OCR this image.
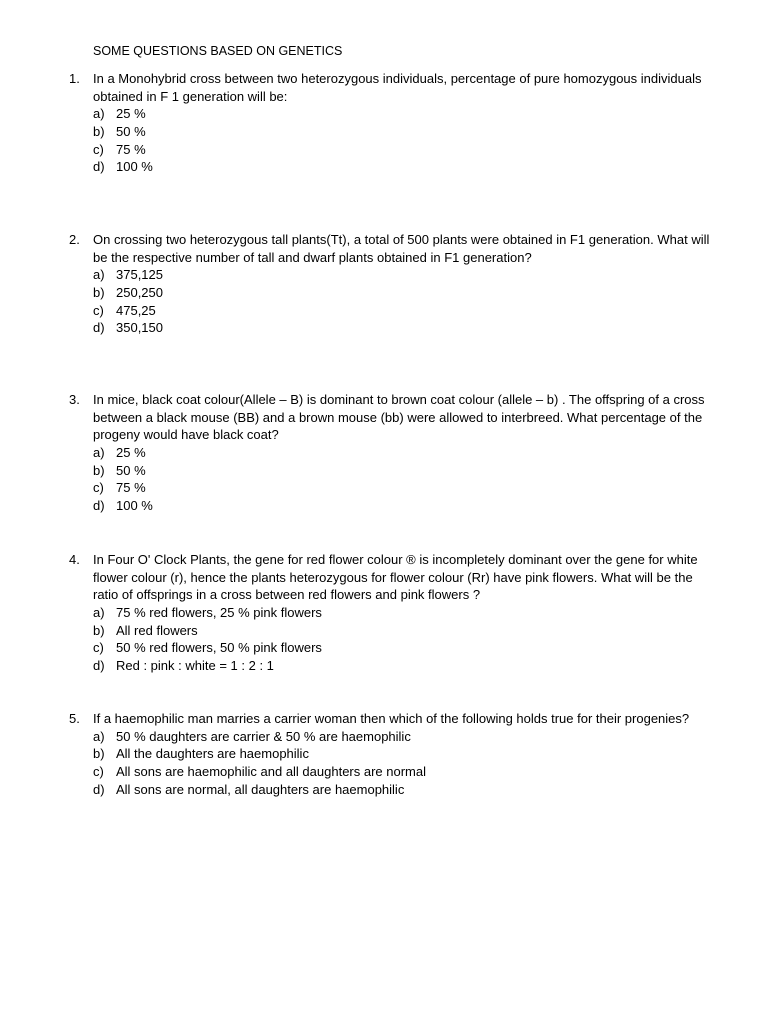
SOME QUESTIONS BASED ON GENETICS
1. In a Monohybrid cross between two heterozygous individuals, percentage of pure homozygous individuals
obtained in F 1 generation will be:
a) 25 %
b) 50 %
c) 75 %
d) 100 %
2. On crossing two heterozygous tall plants(Tt), a total of 500 plants were obtained in F1 generation. What will
be the respective number of tall and dwarf plants obtained in F1 generation?
a) 375,125
b) 250,250
c) 475,25
d) 350,150
3. In mice, black coat colour(Allele – B) is dominant to brown coat colour (allele – b) . The offspring of a cross
between a black mouse (BB) and a brown mouse (bb) were allowed to interbreed. What percentage of the
progeny would have black coat?
a) 25 %
b) 50 %
c) 75 %
d) 100 %
4. In Four O' Clock Plants, the gene for red flower colour ® is incompletely dominant over the gene for white
flower colour (r), hence the plants heterozygous for flower colour (Rr) have pink flowers. What will be the
ratio of offsprings in a cross between red flowers and pink flowers ?
a) 75 % red flowers, 25 % pink flowers
b) All red flowers
c) 50 % red flowers, 50 % pink flowers
d) Red : pink : white = 1 : 2 : 1
5. If a haemophilic man marries a carrier woman then which of the following holds true for their progenies?
a) 50 % daughters are carrier & 50 % are haemophilic
b) All the daughters are haemophilic
c) All sons are haemophilic and all daughters are normal
d) All sons are normal, all daughters are haemophilic
